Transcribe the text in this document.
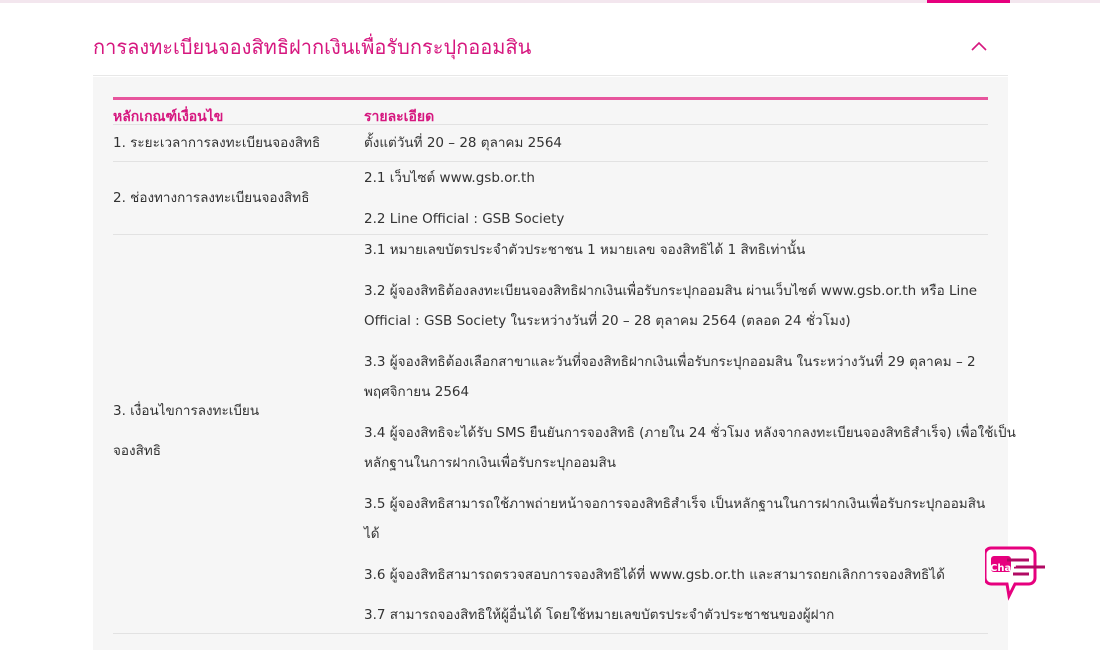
การลงทะเบียนจองสิทธิฝากเงินเพื่อรับกระปุกออมสิน
หลักเกณฑ์เงื่อนไข	รายละเอียด
1. ระยะเวลาการลงทะเบียนจองสิทธิ	ตั้งแต่วันที่ 20 – 28 ตุลาคม 2564

2. ช่องทางการลงทะเบียนจองสิทธิ

2.1 เว็บไซต์ www.gsb.or.th

2.2 Line Official : GSB Society

3. เงื่อนไขการลงทะเบียน
จองสิทธิ

3.1 หมายเลขบัตรประจำตัวประชาชน 1 หมายเลข จองสิทธิได้ 1 สิทธิเท่านั้น

3.2 ผู้จองสิทธิต้องลงทะเบียนจองสิทธิฝากเงินเพื่อรับกระปุกออมสิน ผ่านเว็บไซต์ www.gsb.or.th หรือ Line
Official : GSB Society ในระหว่างวันที่ 20 – 28 ตุลาคม 2564 (ตลอด 24 ชั่วโมง)

3.3 ผู้จองสิทธิต้องเลือกสาขาและวันที่จองสิทธิฝากเงินเพื่อรับกระปุกออมสิน ในระหว่างวันที่ 29 ตุลาคม – 2
พฤศจิกายน 2564

3.4 ผู้จองสิทธิจะได้รับ SMS ยืนยันการจองสิทธิ (ภายใน 24 ชั่วโมง หลังจากลงทะเบียนจองสิทธิสำเร็จ) เพื่อใช้เป็น
หลักฐานในการฝากเงินเพื่อรับกระปุกออมสิน

3.5 ผู้จองสิทธิสามารถใช้ภาพถ่ายหน้าจอการจองสิทธิสำเร็จ เป็นหลักฐานในการฝากเงินเพื่อรับกระปุกออมสิน
ได้

3.6 ผู้จองสิทธิสามารถตรวจสอบการจองสิทธิได้ที่ www.gsb.or.th และสามารถยกเลิกการจองสิทธิได้

3.7 สามารถจองสิทธิให้ผู้อื่นได้ โดยใช้หมายเลขบัตรประจำตัวประชาชนของผู้ฝาก

Chat
